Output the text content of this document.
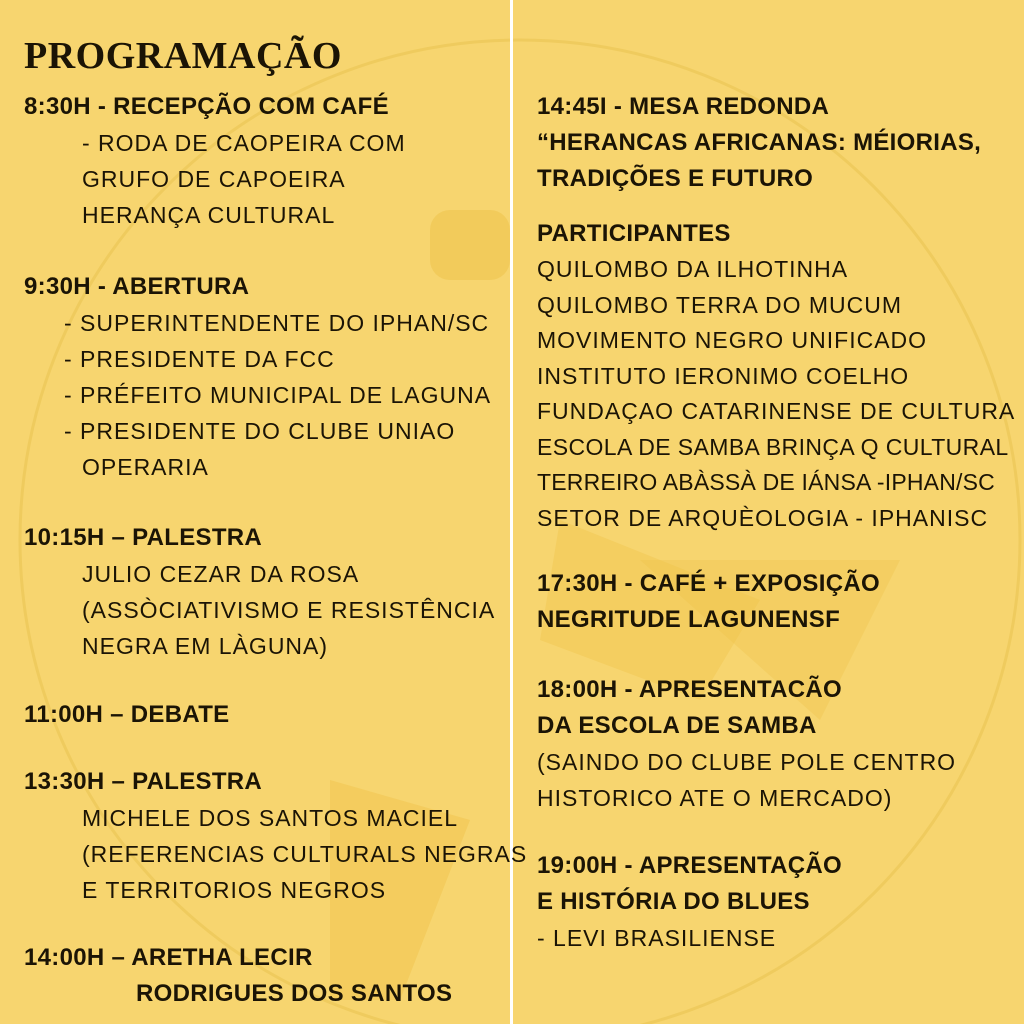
PROGRAMAÇÃO
8:30H - RECEPÇÃO COM CAFÉ
- RODA DE CAOPEIRA COM
GRUFO DE CAPOEIRA
HERANÇA CULTURAL
9:30H - ABERTURA
- SUPERINTENDENTE DO IPHAN/SC
- PRESIDENTE DA FCC
- PRÉFEITO MUNICIPAL DE LAGUNA
- PRESIDENTE DO CLUBE UNIAO
OPERARIA
10:15H – PALESTRA
JULIO CEZAR DA ROSA
(ASSÒCIATIVISMO E RESISTÊNCIA
NEGRA EM LÀGUNA)
11:00H – DEBATE
13:30H – PALESTRA
MICHELE DOS SANTOS MACIEL
(REFERENCIAS CULTURALS NEGRAS
E TERRITORIOS NEGROS
14:00H – ARETHA LECIR
RODRIGUES DOS SANTOS
14:45I - MESA REDONDA
“HERANCAS AFRICANAS: MÉIORIAS,
TRADIÇÕES E FUTURO
PARTICIPANTES
QUILOMBO DA ILHOTINHA
QUILOMBO TERRA DO MUCUM
MOVIMENTO NEGRO UNIFICADO
INSTITUTO IERONIMO COELHO
FUNDAÇAO CATARINENSE DE CULTURA
ESCOLA DE SAMBA BRINÇA Q CULTURAL
TERREIRO ABÀSSÀ DE IÁNSA -IPHAN/SC
SETOR DE ARQUÈOLOGIA - IPHANISC
17:30H - CAFÉ + EXPOSIÇÃO
NEGRITUDE LAGUNENSF
18:00H - APRESENTACÃO
DA ESCOLA DE SAMBA
(SAINDO DO CLUBE POLE CENTRO
HISTORICO ATE O MERCADO)
19:00H - APRESENTAÇÃO
E HISTÓRIA DO BLUES
- LEVI BRASILIENSE
